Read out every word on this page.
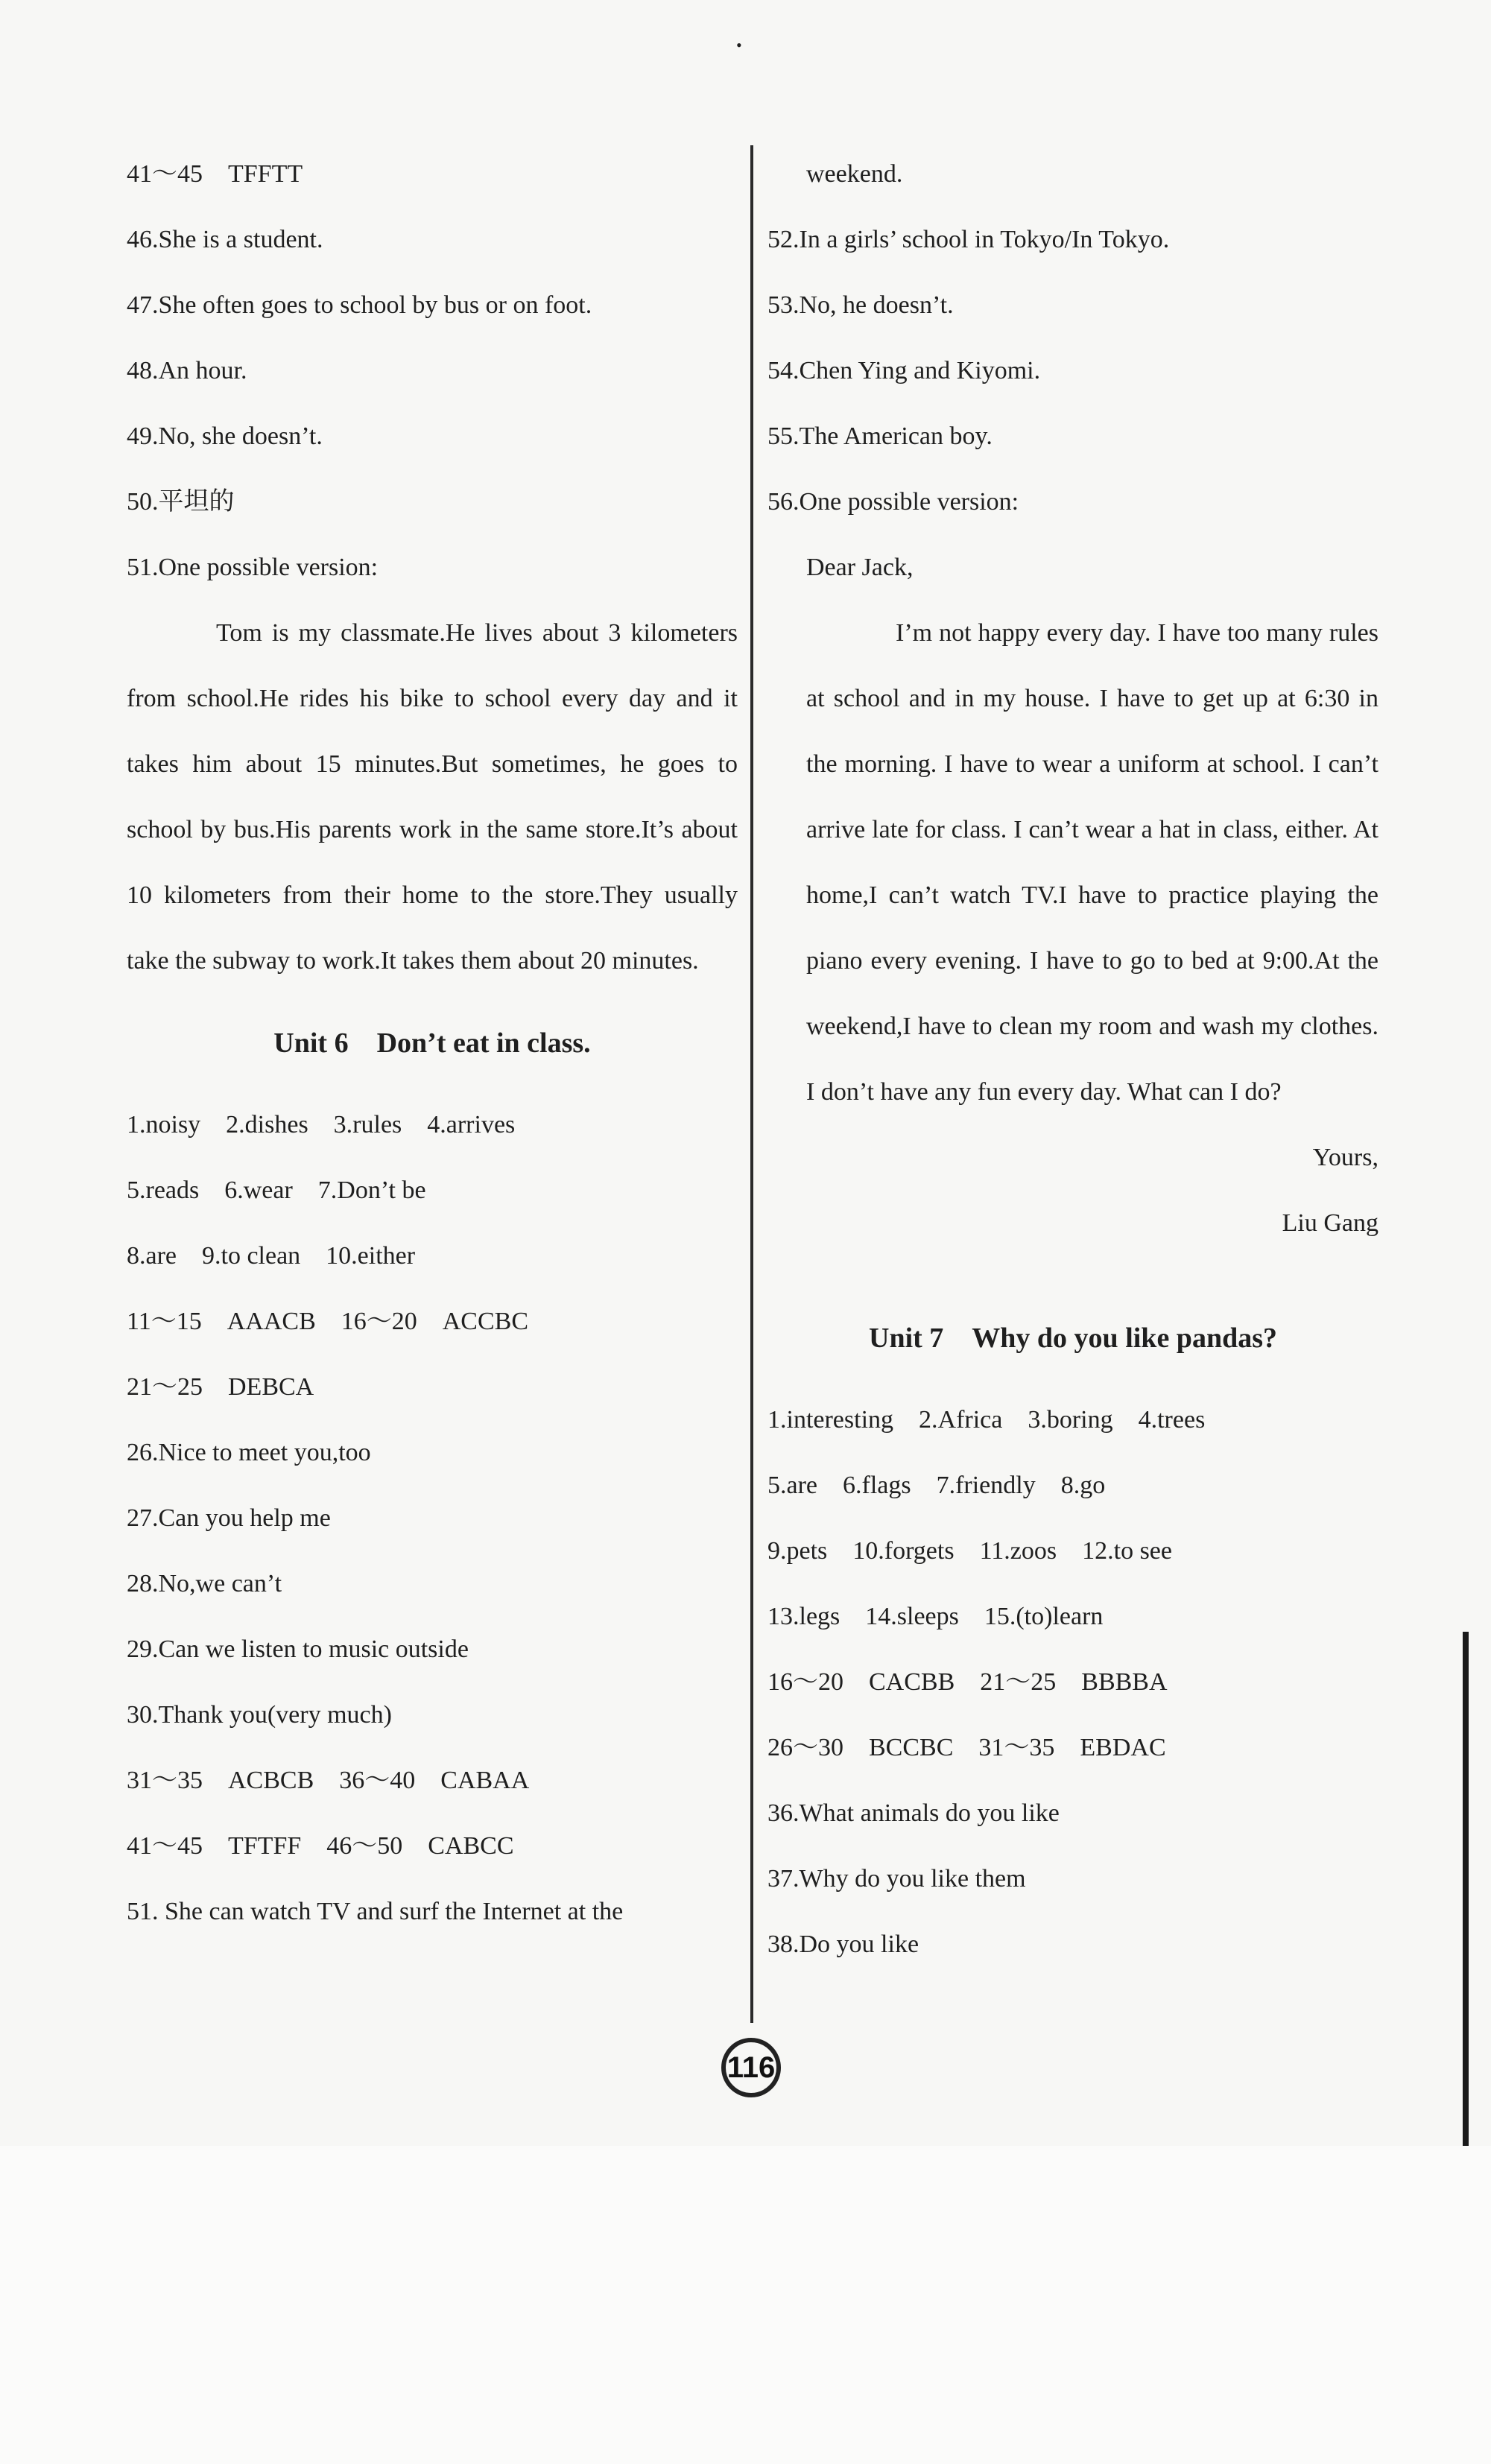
•
41～45　TFFTT
46.She is a student.
47.She often goes to school by bus or on foot.
48.An hour.
49.No, she doesn’t.
50.平坦的
51.One possible version:
Tom is my classmate.He lives about 3 kilometers from school.He rides his bike to school every day and it takes him about 15 minutes.But sometimes, he goes to school by bus.His parents work in the same store.It’s about 10 kilometers from their home to the store.They usually take the subway to work.It takes them about 20 minutes.
Unit 6　Don’t eat in class.
1.noisy　2.dishes　3.rules　4.arrives
5.reads　6.wear　7.Don’t be
8.are　9.to clean　10.either
11～15　AAACB　16～20　ACCBC
21～25　DEBCA
26.Nice to meet you,too
27.Can you help me
28.No,we can’t
29.Can we listen to music outside
30.Thank you(very much)
31～35　ACBCB　36～40　CABAA
41～45　TFTFF　46～50　CABCC
51. She can watch TV and surf the Internet at the
weekend.
52.In a girls’ school in Tokyo/In Tokyo.
53.No, he doesn’t.
54.Chen Ying and Kiyomi.
55.The American boy.
56.One possible version:
Dear Jack,
I’m not happy every day. I have too many rules at school and in my house. I have to get up at 6:30 in the morning. I have to wear a uniform at school. I can’t arrive late for class. I can’t wear a hat in class, either. At home,I can’t watch TV.I have to practice playing the piano every evening. I have to go to bed at 9:00.At the weekend,I have to clean my room and wash my clothes. I don’t have any fun every day. What can I do?
Yours,
Liu Gang
Unit 7　Why do you like pandas?
1.interesting　2.Africa　3.boring　4.trees
5.are　6.flags　7.friendly　8.go
9.pets　10.forgets　11.zoos　12.to see
13.legs　14.sleeps　15.(to)learn
16～20　CACBB　21～25　BBBBA
26～30　BCCBC　31～35　EBDAC
36.What animals do you like
37.Why do you like them
38.Do you like
116
